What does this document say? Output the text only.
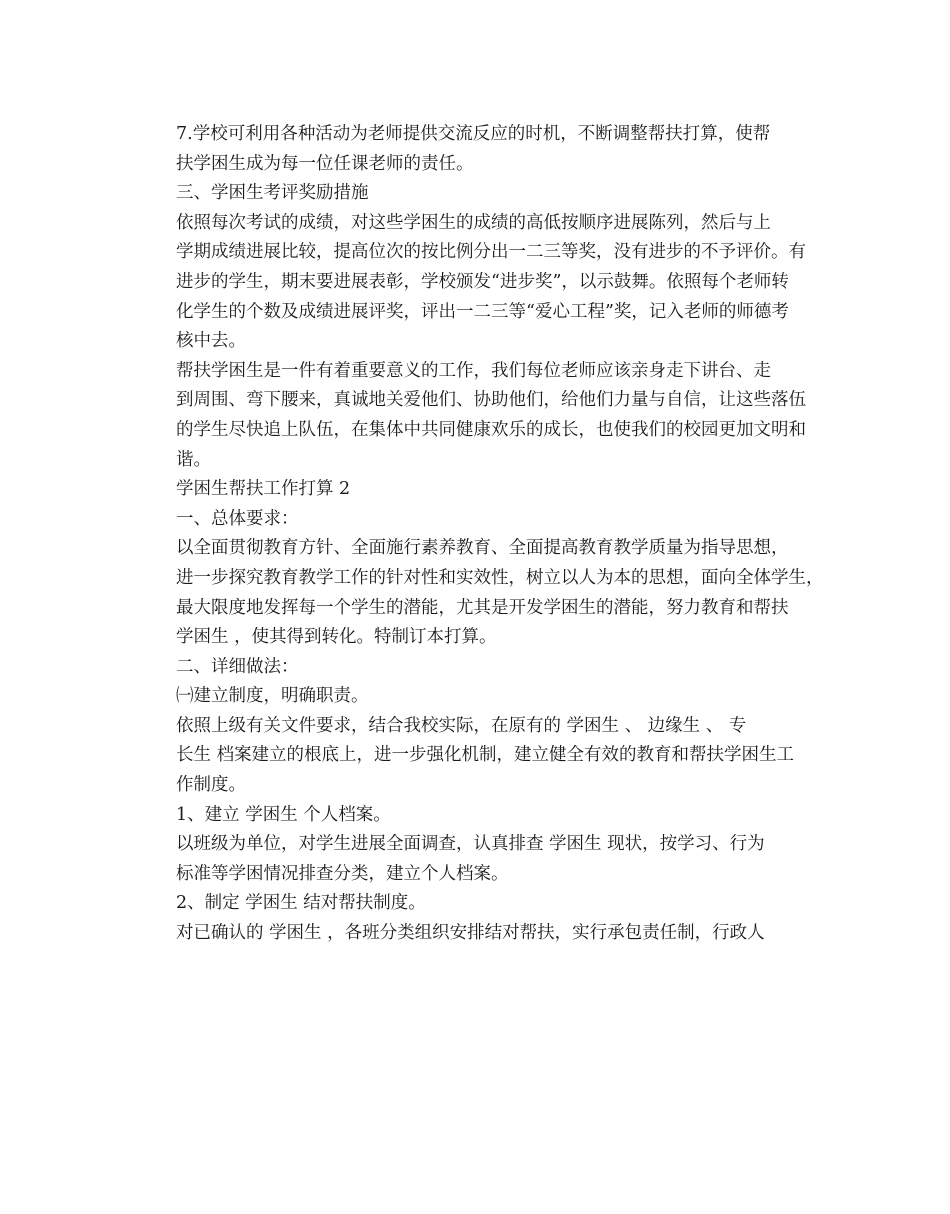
7.学校可利用各种活动为老师提供交流反应的时机，不断调整帮扶打算，使帮
扶学困生成为每一位任课老师的责任。

三、学困生考评奖励措施

依照每次考试的成绩，对这些学困生的成绩的高低按顺序进展陈列，然后与上
学期成绩进展比较，提高位次的按比例分出一二三等奖，没有进步的不予评价。有
进步的学生，期末要进展表彰，学校颁发“进步奖”，以示鼓舞。依照每个老师转
化学生的个数及成绩进展评奖，评出一二三等“爱心工程”奖，记入老师的师德考
核中去。

帮扶学困生是一件有着重要意义的工作，我们每位老师应该亲身走下讲台、走
到周围、弯下腰来，真诚地关爱他们、协助他们，给他们力量与自信，让这些落伍
的学生尽快追上队伍，在集体中共同健康欢乐的成长，也使我们的校园更加文明和
谐。

学困生帮扶工作打算 2

一、总体要求：

以全面贯彻教育方针、全面施行素养教育、全面提高教育教学质量为指导思想，
进一步探究教育教学工作的针对性和实效性，树立以人为本的思想，面向全体学生，
最大限度地发挥每一个学生的潜能，尤其是开发学困生的潜能，努力教育和帮扶
学困生 ，使其得到转化。特制订本打算。

二、详细做法：

㈠建立制度，明确职责。

依照上级有关文件要求，结合我校实际，在原有的 学困生 、 边缘生 、 专
长生 档案建立的根底上，进一步强化机制，建立健全有效的教育和帮扶学困生工
作制度。

1、建立 学困生 个人档案。

以班级为单位，对学生进展全面调查，认真排查 学困生 现状，按学习、行为
标准等学困情况排查分类，建立个人档案。

2、制定 学困生 结对帮扶制度。

对已确认的 学困生 ，各班分类组织安排结对帮扶，实行承包责任制，行政人
